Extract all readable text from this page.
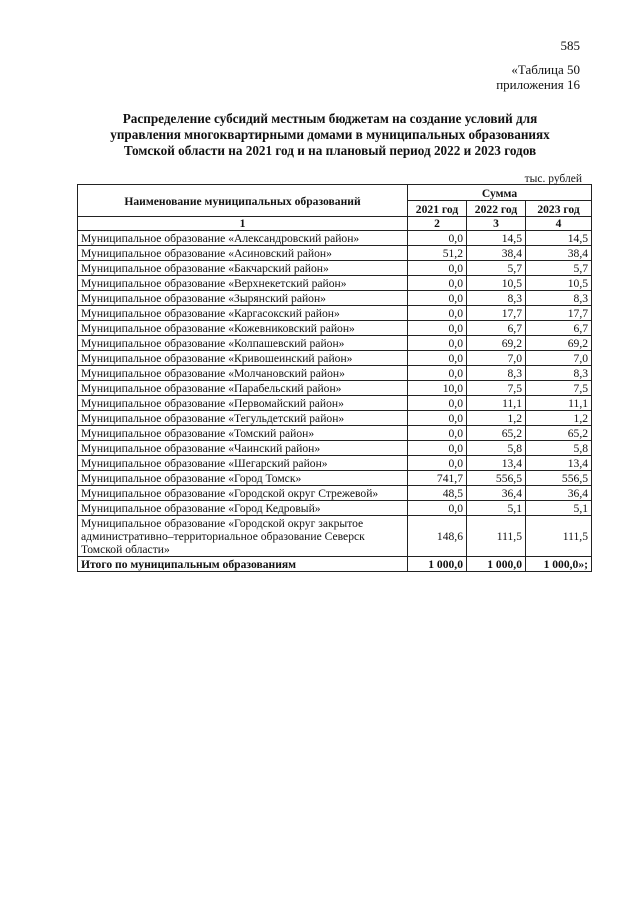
585
«Таблица 50
приложения 16
Распределение субсидий местным бюджетам на создание условий для
управления многоквартирными домами в муниципальных образованиях
Томской области на 2021 год и на плановый период 2022 и 2023 годов
тыс. рублей
Наименование муниципальных образований	Сумма		
	2021 год	2022 год	2023 год
1	2	3	4
Муниципальное образование «Александровский район»	0,0	14,5	14,5
Муниципальное образование «Асиновский район»	51,2	38,4	38,4
Муниципальное образование «Бакчарский район»	0,0	5,7	5,7
Муниципальное образование «Верхнекетский район»	0,0	10,5	10,5
Муниципальное образование «Зырянский район»	0,0	8,3	8,3
Муниципальное образование «Каргасокский район»	0,0	17,7	17,7
Муниципальное образование «Кожевниковский район»	0,0	6,7	6,7
Муниципальное образование «Колпашевский район»	0,0	69,2	69,2
Муниципальное образование «Кривошеинский район»	0,0	7,0	7,0
Муниципальное образование «Молчановский район»	0,0	8,3	8,3
Муниципальное образование «Парабельский район»	10,0	7,5	7,5
Муниципальное образование «Первомайский район»	0,0	11,1	11,1
Муниципальное образование «Тегульдетский район»	0,0	1,2	1,2
Муниципальное образование «Томский район»	0,0	65,2	65,2
Муниципальное образование «Чаинский район»	0,0	5,8	5,8
Муниципальное образование «Шегарский район»	0,0	13,4	13,4
Муниципальное образование «Город Томск»	741,7	556,5	556,5
Муниципальное образование «Городской округ Стрежевой»	48,5	36,4	36,4
Муниципальное образование «Город Кедровый»	0,0	5,1	5,1
Муниципальное образование «Городской округ закрытое административно–территориальное образование Северск Томской области»	148,6	111,5	111,5
Итого по муниципальным образованиям	1 000,0	1 000,0	1 000,0»;
